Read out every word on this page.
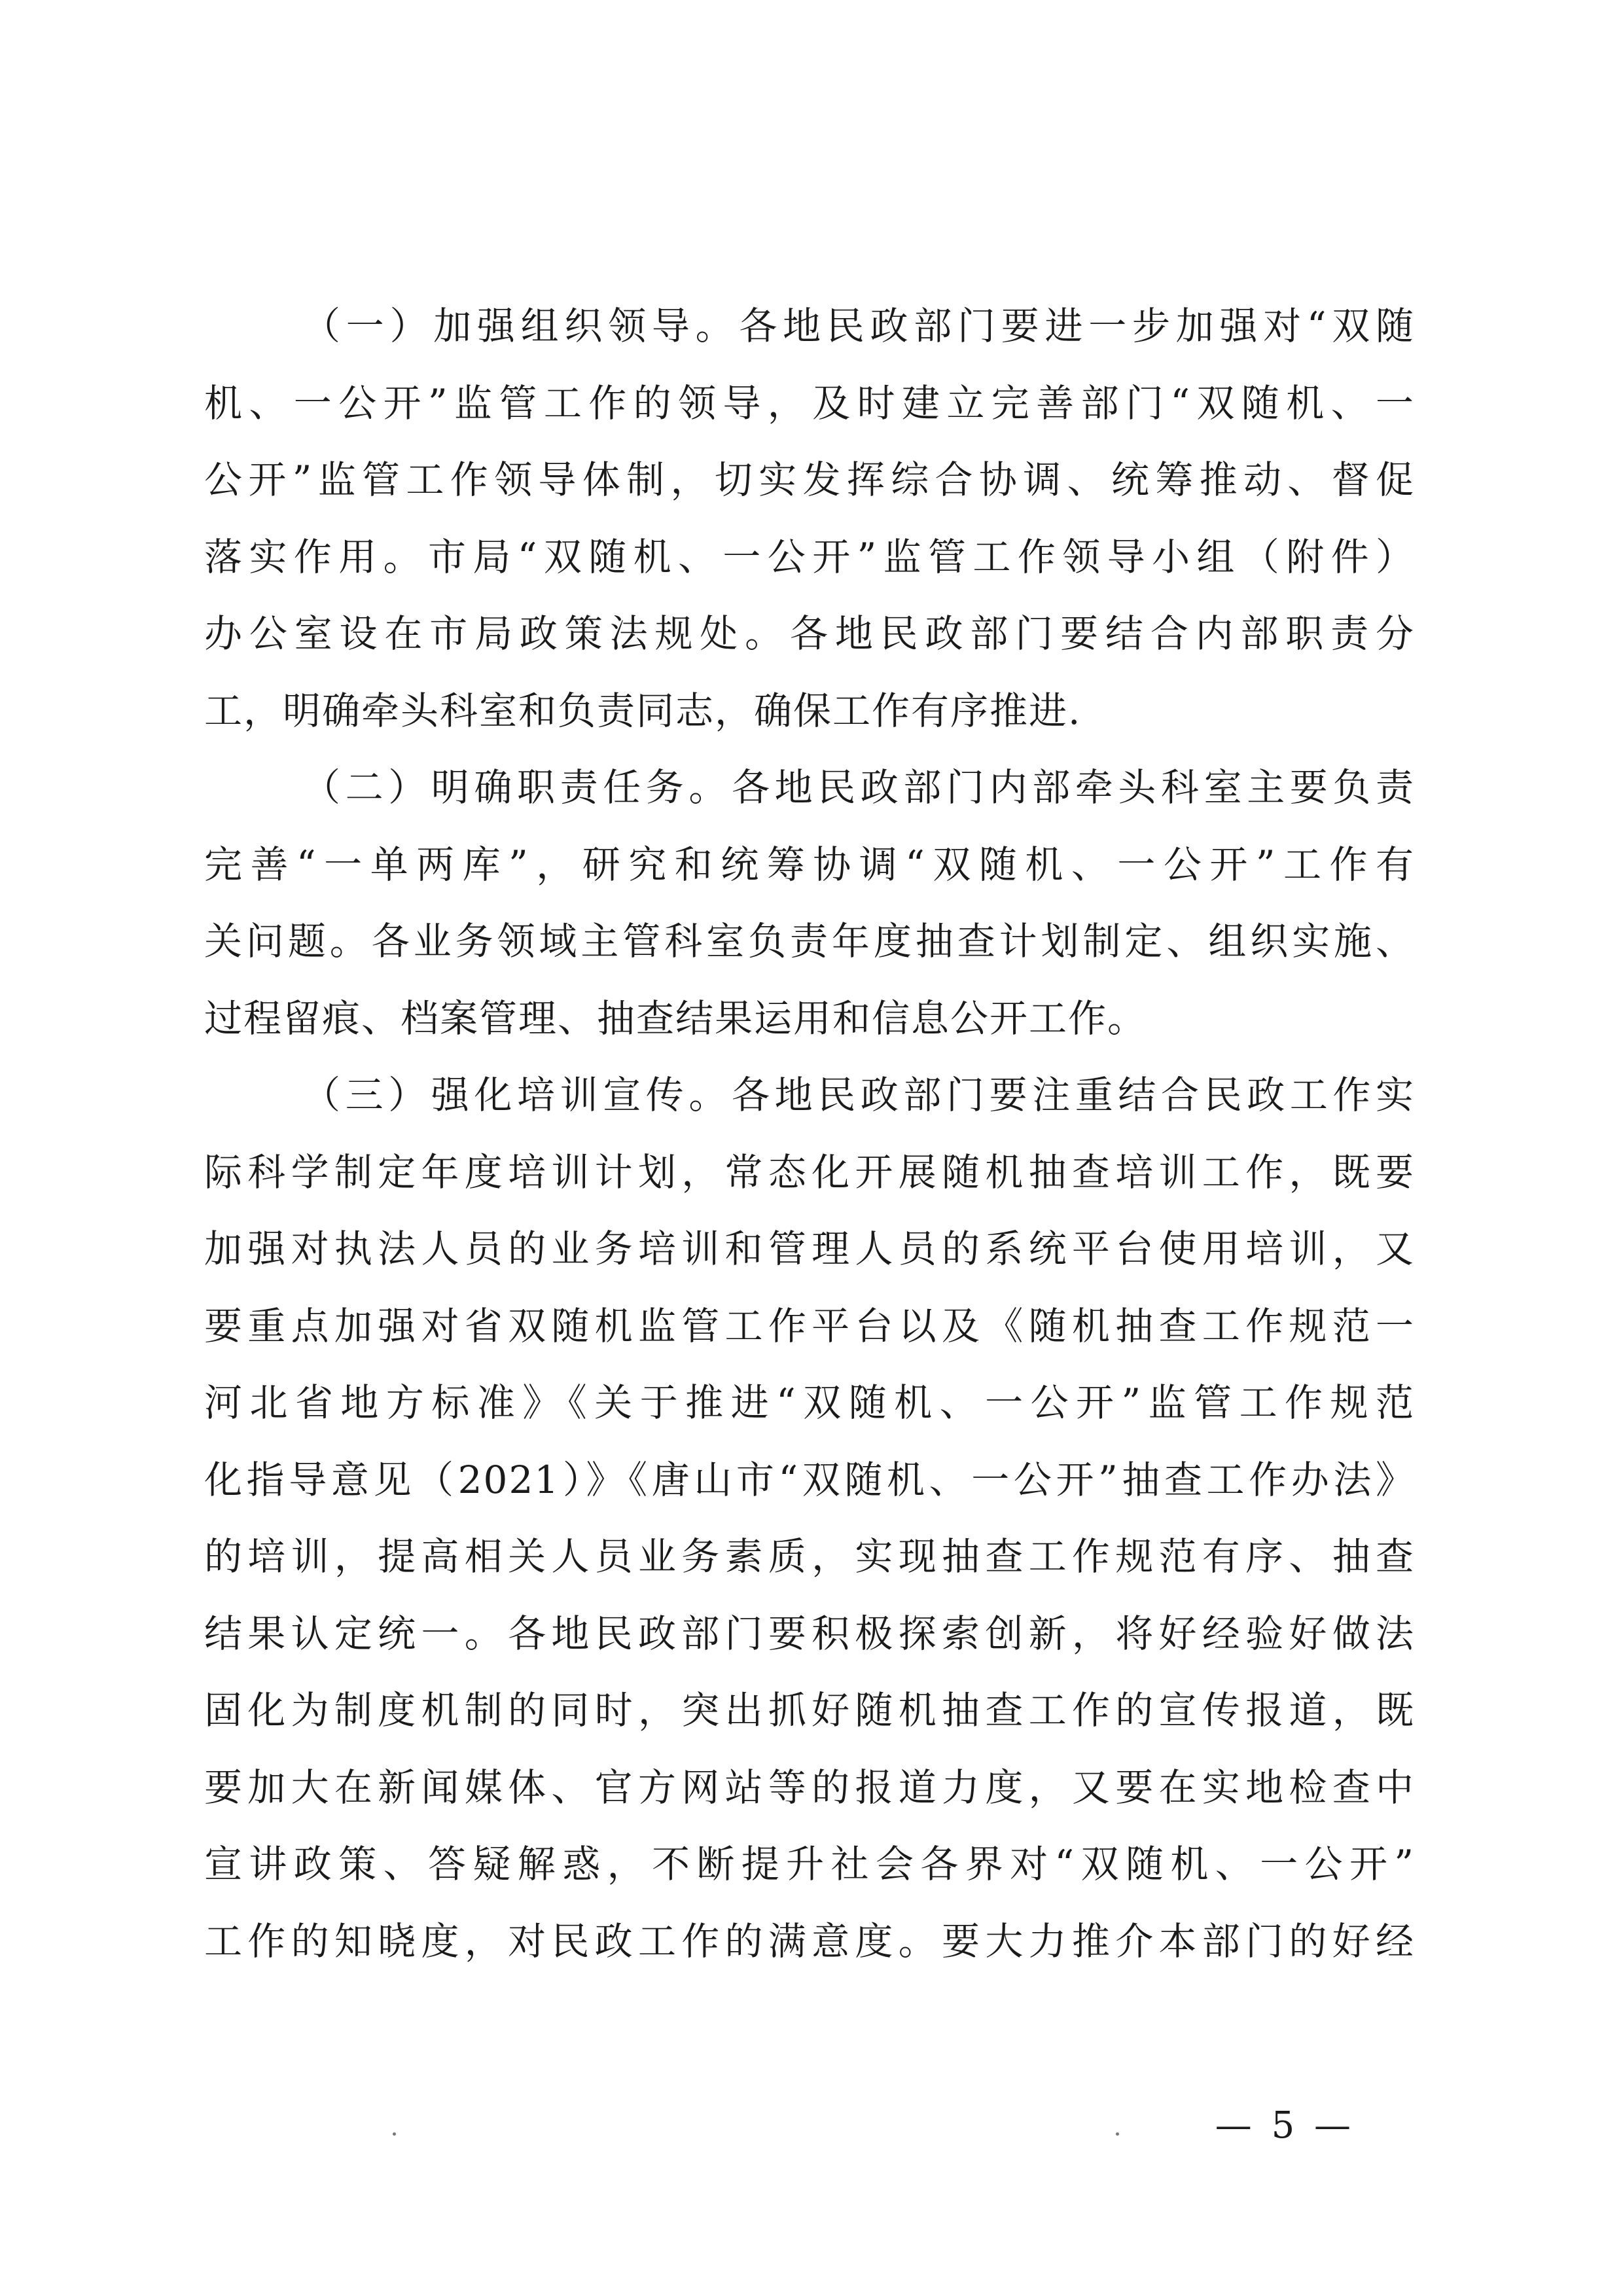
（一）加强组织领导。各地民政部门要进一步加强对“双随
机、一公开”监管工作的领导，及时建立完善部门“双随机、一
公开”监管工作领导体制，切实发挥综合协调、统筹推动、督促
落实作用。市局“双随机、一公开”监管工作领导小组（附件）
办公室设在市局政策法规处。各地民政部门要结合内部职责分
工，明确牵头科室和负责同志，确保工作有序推进.
（二）明确职责任务。各地民政部门内部牵头科室主要负责
完善“一单两库”，研究和统筹协调“双随机、一公开”工作有
关问题。各业务领域主管科室负责年度抽查计划制定、组织实施、
过程留痕、档案管理、抽查结果运用和信息公开工作。
（三）强化培训宣传。各地民政部门要注重结合民政工作实
际科学制定年度培训计划，常态化开展随机抽查培训工作，既要
加强对执法人员的业务培训和管理人员的系统平台使用培训，又
要重点加强对省双随机监管工作平台以及《随机抽查工作规范一
河北省地方标准》《关于推进“双随机、一公开”监管工作规范
化指导意见（2021）》《唐山市“双随机、一公开”抽查工作办法》
的培训，提高相关人员业务素质，实现抽查工作规范有序、抽查
结果认定统一。各地民政部门要积极探索创新，将好经验好做法
固化为制度机制的同时，突出抓好随机抽查工作的宣传报道，既
要加大在新闻媒体、官方网站等的报道力度，又要在实地检查中
宣讲政策、答疑解惑，不断提升社会各界对“双随机、一公开”
工作的知晓度，对民政工作的满意度。要大力推介本部门的好经
— 5 —
